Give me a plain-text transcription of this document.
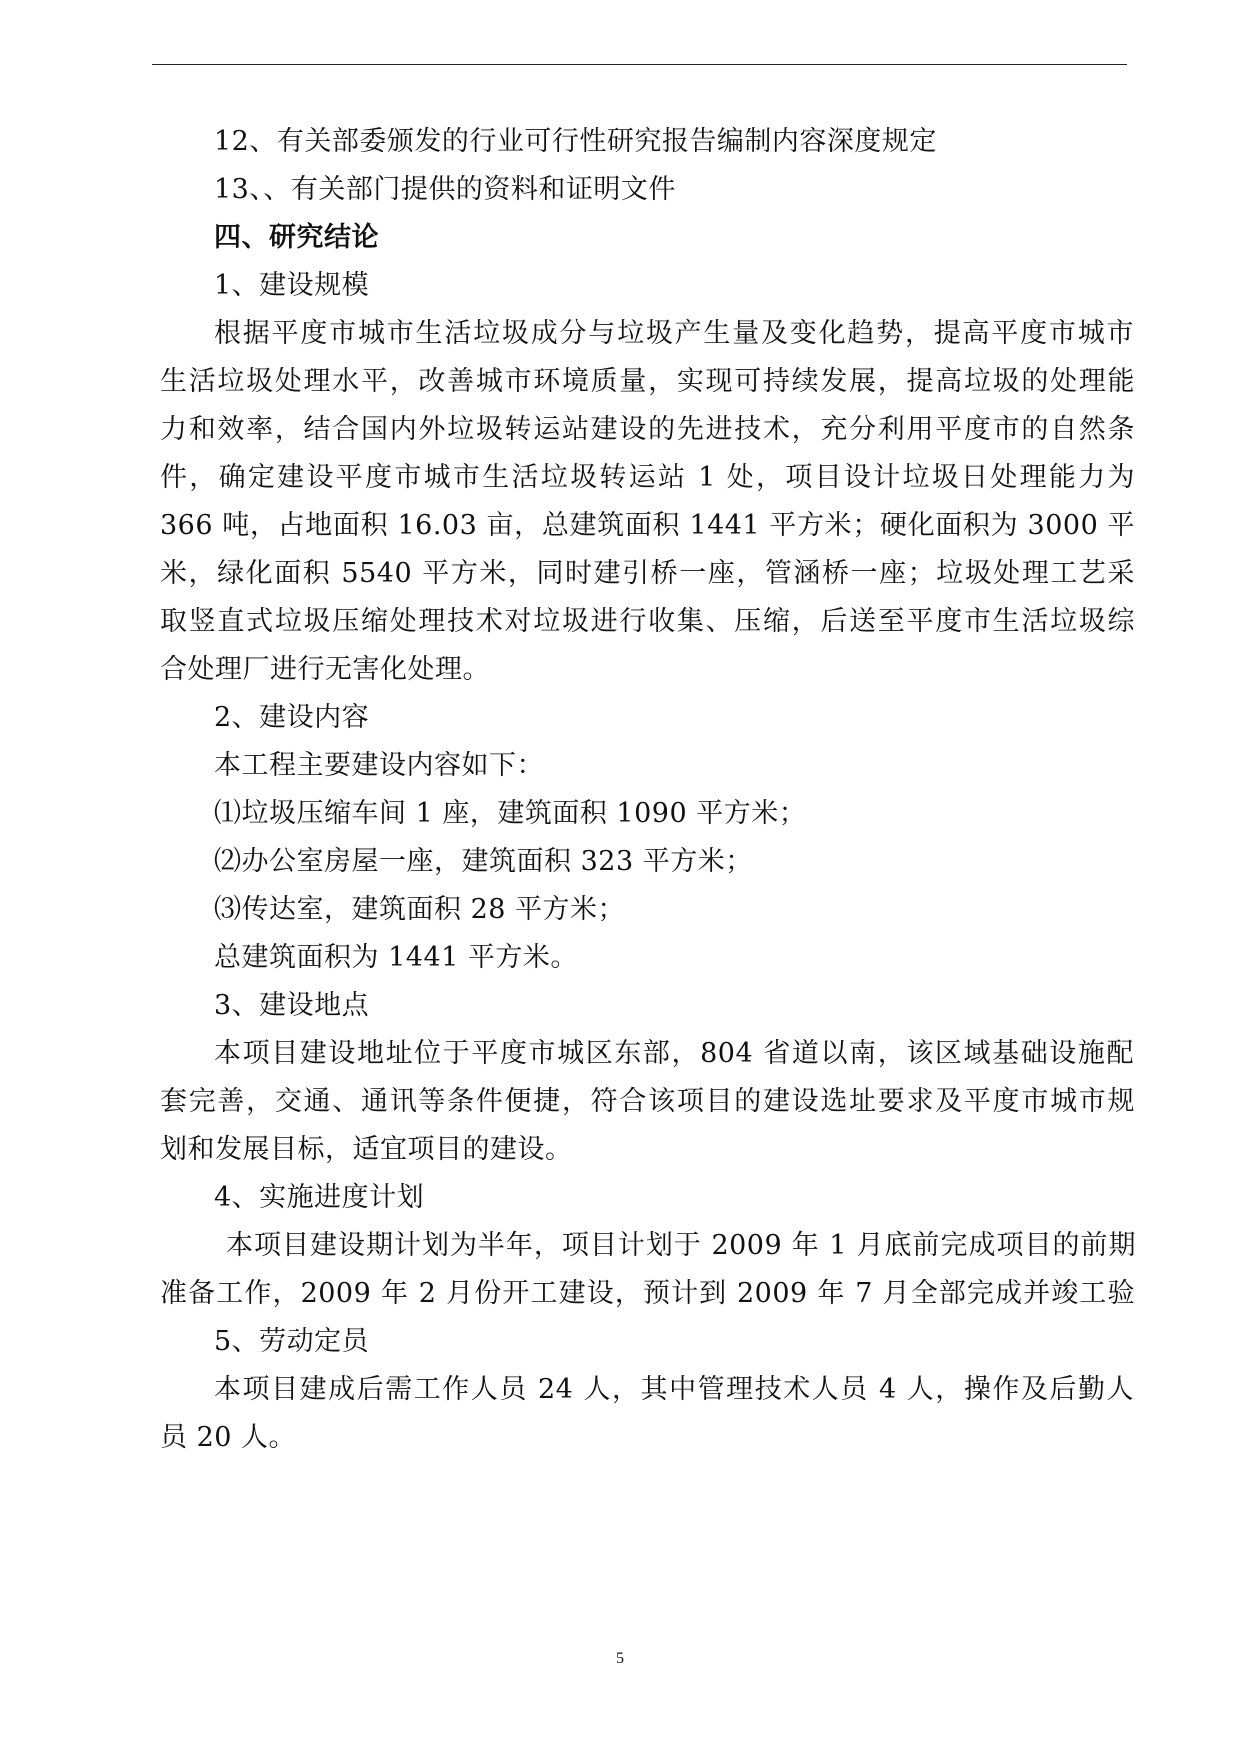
12、有关部委颁发的行业可行性研究报告编制内容深度规定
13、、有关部门提供的资料和证明文件
四、研究结论
1、建设规模
根据平度市城市生活垃圾成分与垃圾产生量及变化趋势，提高平度市城市
生活垃圾处理水平，改善城市环境质量，实现可持续发展，提高垃圾的处理能
力和效率，结合国内外垃圾转运站建设的先进技术，充分利用平度市的自然条
件，确定建设平度市城市生活垃圾转运站 1 处，项目设计垃圾日处理能力为
366 吨，占地面积 16.03 亩，总建筑面积 1441 平方米；硬化面积为 3000 平
米，绿化面积 5540 平方米，同时建引桥一座，管涵桥一座；垃圾处理工艺采
取竖直式垃圾压缩处理技术对垃圾进行收集、压缩，后送至平度市生活垃圾综
合处理厂进行无害化处理。
2、建设内容
本工程主要建设内容如下：
⑴垃圾压缩车间 1 座，建筑面积 1090 平方米；
⑵办公室房屋一座，建筑面积 323 平方米；
⑶传达室，建筑面积 28 平方米；
总建筑面积为 1441 平方米。
3、建设地点
本项目建设地址位于平度市城区东部，804 省道以南，该区域基础设施配
套完善，交通、通讯等条件便捷，符合该项目的建设选址要求及平度市城市规
划和发展目标，适宜项目的建设。
4、实施进度计划
本项目建设期计划为半年，项目计划于 2009 年 1 月底前完成项目的前期
准备工作，2009 年 2 月份开工建设，预计到 2009 年 7 月全部完成并竣工验
5、劳动定员
本项目建成后需工作人员 24 人，其中管理技术人员 4 人，操作及后勤人
员 20 人。
5
